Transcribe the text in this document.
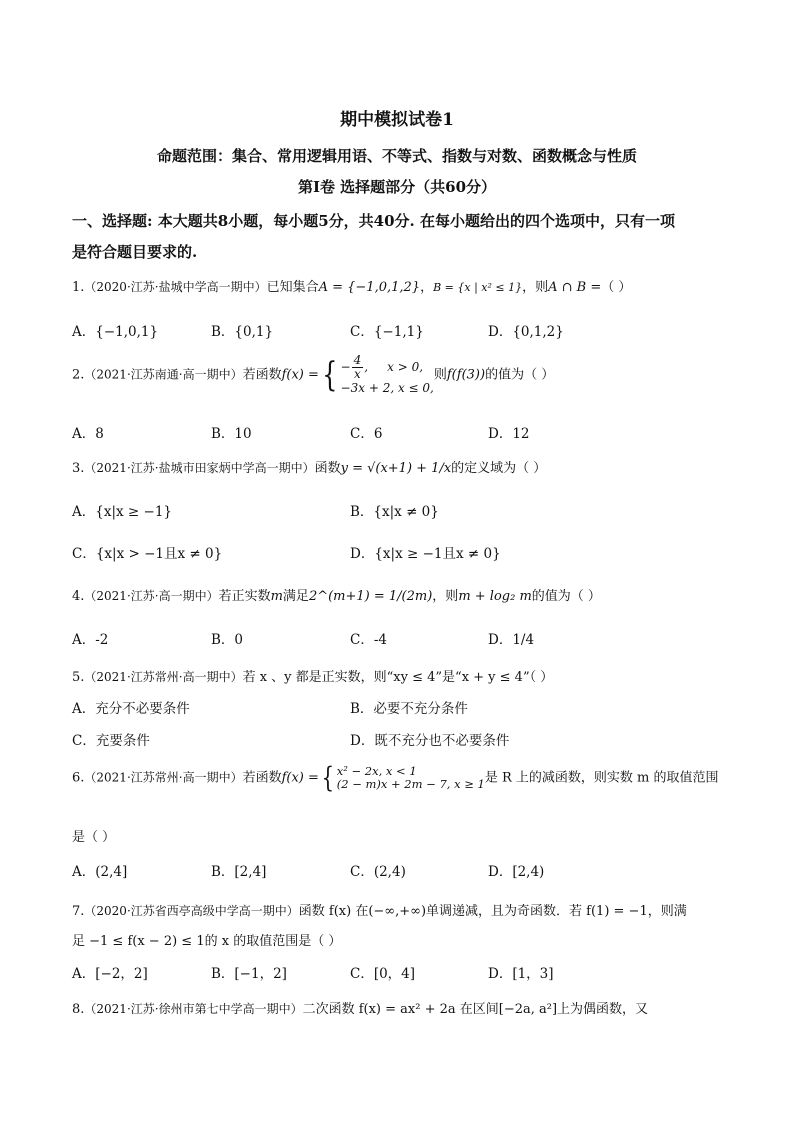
期中模拟试卷1
命题范围：集合、常用逻辑用语、不等式、指数与对数、函数概念与性质
第Ⅰ卷 选择题部分（共60分）
一、选择题: 本大题共8小题，每小题5分，共40分. 在每小题给出的四个选项中，只有一项
是符合题目要求的.
1.（2020·江苏·盐城中学高一期中）已知集合A = {−1,0,1,2}，B = {x | x² ≤ 1}，则A ∩ B =（ ）
A．{−1,0,1}	B．{0,1}	C．{−1,1}	D．{0,1,2}
2.（2021·江苏南通·高一期中）若函数f(x) ={ − $\frac{4}{x}$ ,     x > 0,
−3x + 2, x ≤ 0,
则f(f(3))的值为（ ）
A．8	B．10	C．6	D．12
3.（2021·江苏·盐城市田家炳中学高一期中）函数y = √(x+1) + 1/x的定义域为（ ）
A．{x|x ≥ −1}	B．{x|x ≠ 0}
C．{x|x > −1且x ≠ 0}	D．{x|x ≥ −1且x ≠ 0}
4.（2021·江苏·高一期中）若正实数m满足2^(m+1) = 1/(2m)，则m + log₂ m的值为（ ）
A．-2	B．0	C．-4	D．1/4
5.（2021·江苏常州·高一期中）若 x 、y 都是正实数，则“xy ≤ 4”是“x + y ≤ 4”（ ）
A．充分不必要条件	B．必要不充分条件
C．充要条件	D．既不充分也不必要条件
6.（2021·江苏常州·高一期中）若函数f(x) ={ x² − 2x, x < 1
(2 − m)x + 2m − 7, x ≥ 1 是 R 上的减函数，则实数 m 的取值范围
是（ ）
A．(2,4]	B．[2,4]	C．(2,4)	D．[2,4)
7.（2020·江苏省西亭高级中学高一期中）函数 f(x) 在(−∞,+∞)单调递减，且为奇函数．若 f(1) = −1，则满
足 −1 ≤ f(x − 2) ≤ 1的 x 的取值范围是（ ）
A．[−2，2]	B．[−1，2]	C．[0，4]	D．[1，3]
8.（2021·江苏·徐州市第七中学高一期中）二次函数 f(x) = ax² + 2a 在区间[−2a, a²]上为偶函数，又
